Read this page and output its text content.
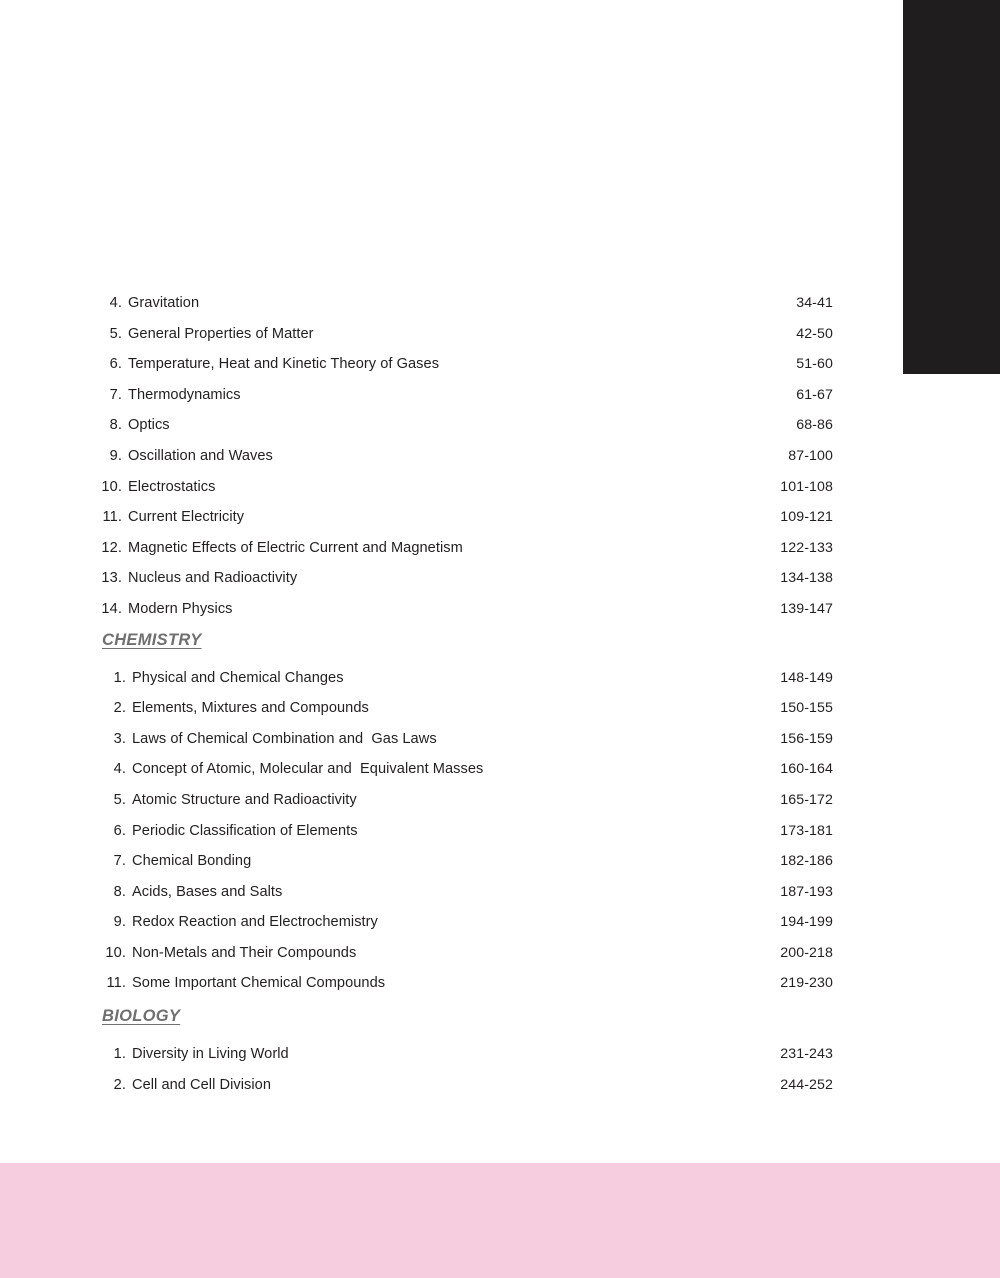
4. Gravitation	34-41
5. General Properties of Matter	42-50
6. Temperature, Heat and Kinetic Theory of Gases	51-60
7. Thermodynamics	61-67
8. Optics	68-86
9. Oscillation and Waves	87-100
10. Electrostatics	101-108
11. Current Electricity	109-121
12. Magnetic Effects of Electric Current and Magnetism	122-133
13. Nucleus and Radioactivity	134-138
14. Modern Physics	139-147
CHEMISTRY
1. Physical and Chemical Changes	148-149
2. Elements, Mixtures and Compounds	150-155
3. Laws of Chemical Combination and  Gas Laws	156-159
4. Concept of Atomic, Molecular and  Equivalent Masses	160-164
5. Atomic Structure and Radioactivity	165-172
6. Periodic Classification of Elements	173-181
7. Chemical Bonding	182-186
8. Acids, Bases and Salts	187-193
9. Redox Reaction and Electrochemistry	194-199
10. Non-Metals and Their Compounds	200-218
11. Some Important Chemical Compounds	219-230
BIOLOGY
1. Diversity in Living World	231-243
2. Cell and Cell Division	244-252
